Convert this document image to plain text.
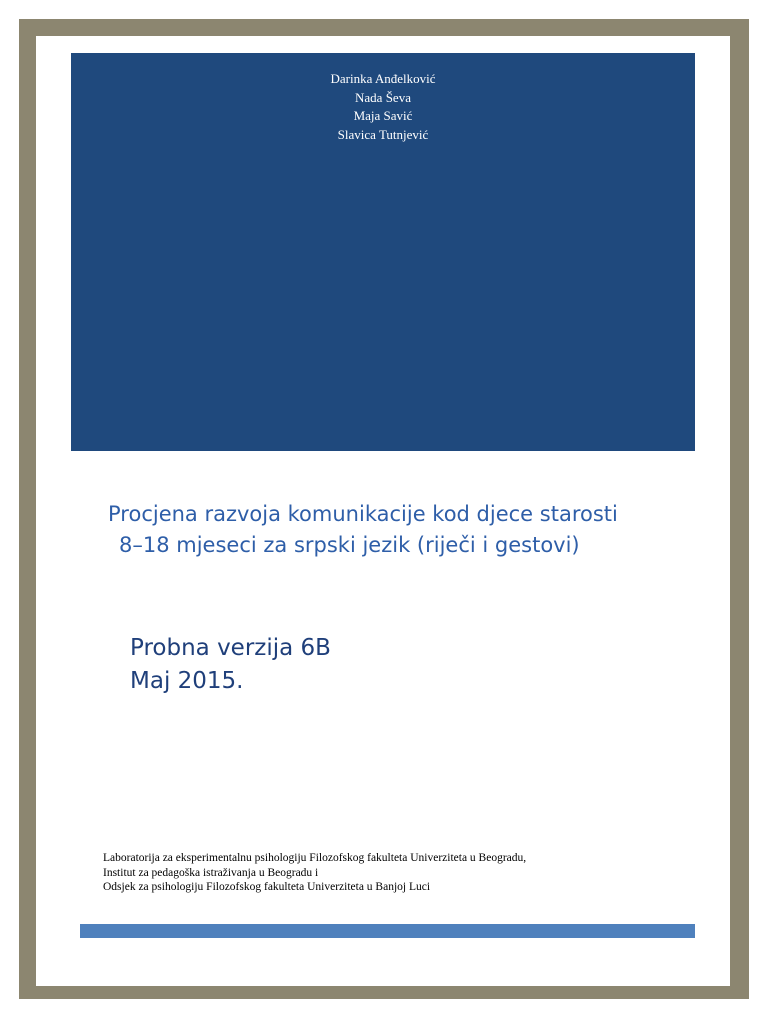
Darinka Anđelković
Nada Ševa
Maja Savić
Slavica Tutnjević
Procjena razvoja komunikacije kod djece starosti
8–18 mjeseci za srpski jezik (riječi i gestovi)
Probna verzija 6B
Maj 2015.
Laboratorija za eksperimentalnu psihologiju Filozofskog fakulteta Univerziteta u Beogradu,
Institut za pedagoška istraživanja u Beogradu i
Odsjek za psihologiju Filozofskog fakulteta Univerziteta u Banjoj Luci
